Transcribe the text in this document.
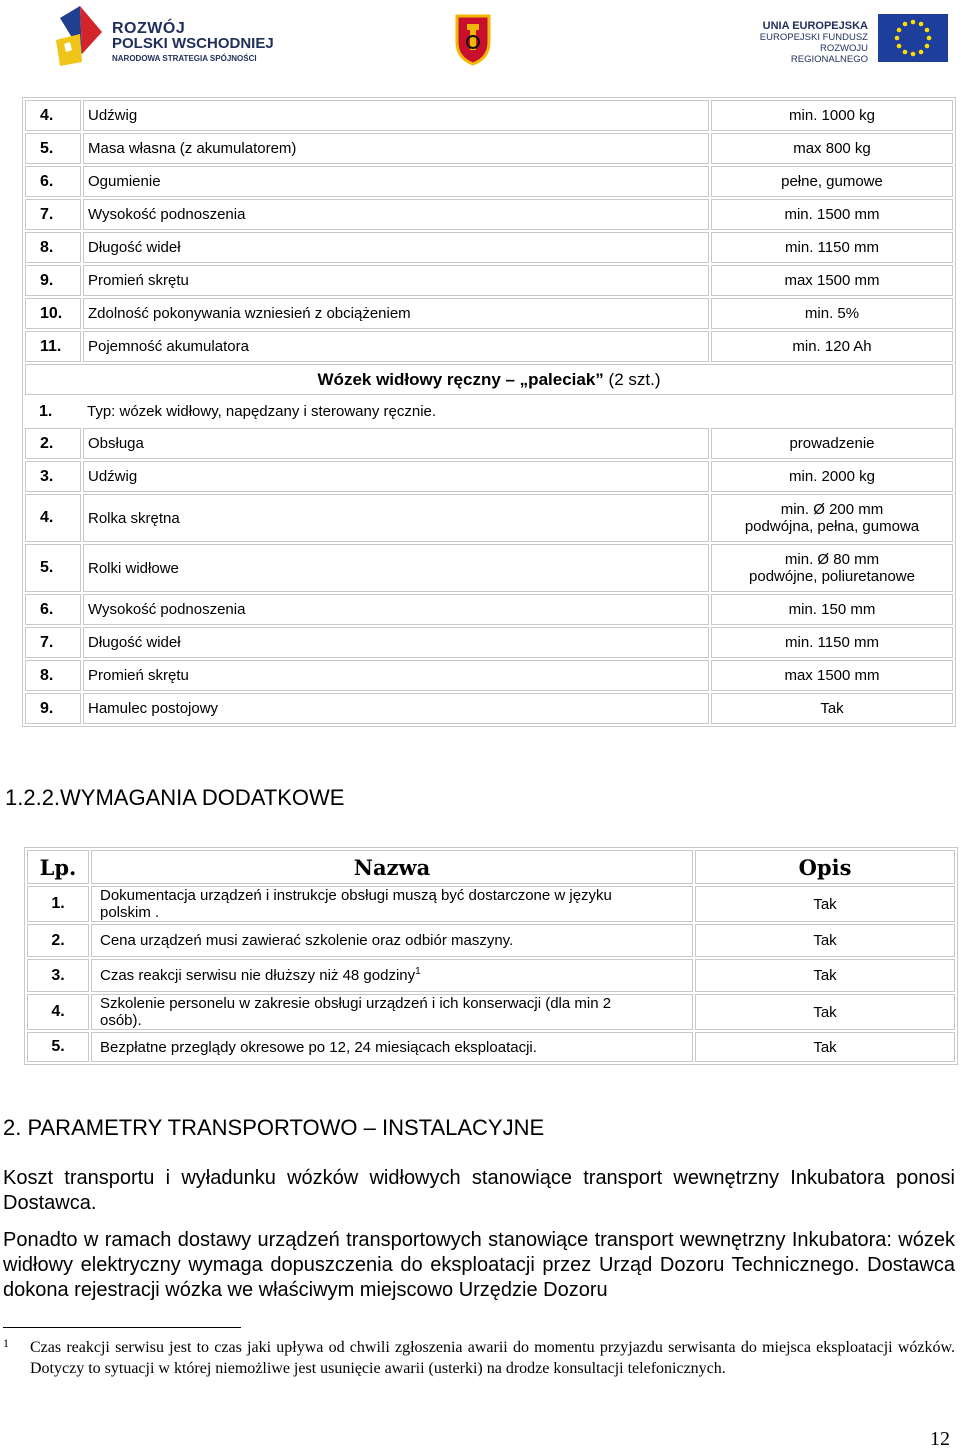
ROZWÓJ
POLSKI WSCHODNIEJ
NARODOWA STRATEGIA SPÓJNOŚCI
UNIA EUROPEJSKA
EUROPEJSKI FUNDUSZ
ROZWOJU REGIONALNEGO
4.	Udźwig	min. 1000 kg
5.	Masa własna (z akumulatorem)	max 800 kg
6.	Ogumienie	pełne, gumowe
7.	Wysokość podnoszenia	min. 1500 mm
8.	Długość wideł	min. 1150 mm
9.	Promień skrętu	max 1500 mm
10.	Zdolność pokonywania wzniesień z obciążeniem	min. 5%
11.	Pojemność akumulatora	min. 120 Ah
Wózek widłowy ręczny – „paleciak” (2 szt.)		
1.	Typ: wózek widłowy, napędzany i sterowany ręcznie.	
2.	Obsługa	prowadzenie
3.	Udźwig	min. 2000 kg
4.	Rolka skrętna	min. Ø 200 mm
podwójna, pełna, gumowa

5.	Rolki widłowe	min. Ø 80 mm
podwójne, poliuretanowe

6.	Wysokość podnoszenia	min. 150 mm
7.	Długość wideł	min. 1150 mm
8.	Promień skrętu	max 1500 mm
9.	Hamulec postojowy	Tak
1.2.2.WYMAGANIA DODATKOWE
Lp.	Nazwa	Opis
1.	Dokumentacja urządzeń i instrukcje obsługi muszą być dostarczone w języku polskim .	Tak
2.	Cena urządzeń musi zawierać szkolenie oraz odbiór maszyny.	Tak
3.	Czas reakcji serwisu nie dłuższy niż 48 godziny$^1$	Tak
4.	Szkolenie personelu w zakresie obsługi urządzeń i ich konserwacji (dla min 2 osób).	Tak
5.	Bezpłatne przeglądy okresowe po 12, 24 miesiącach eksploatacji.	Tak
2. PARAMETRY TRANSPORTOWO – INSTALACYJNE
Koszt transportu i wyładunku wózków widłowych stanowiące transport wewnętrzny Inkubatora ponosi Dostawca.
Ponadto w ramach dostawy urządzeń transportowych stanowiące transport wewnętrzny Inkubatora: wózek widłowy elektryczny wymaga dopuszczenia do eksploatacji przez Urząd Dozoru Technicznego. Dostawca dokona rejestracji wózka we właściwym miejscowo Urzędzie Dozoru
1 Czas reakcji serwisu jest to czas jaki upływa od chwili zgłoszenia awarii do momentu przyjazdu serwisanta do miejsca eksploatacji wózków. Dotyczy to sytuacji w której niemożliwe jest usunięcie awarii (usterki) na drodze konsultacji telefonicznych.
12
